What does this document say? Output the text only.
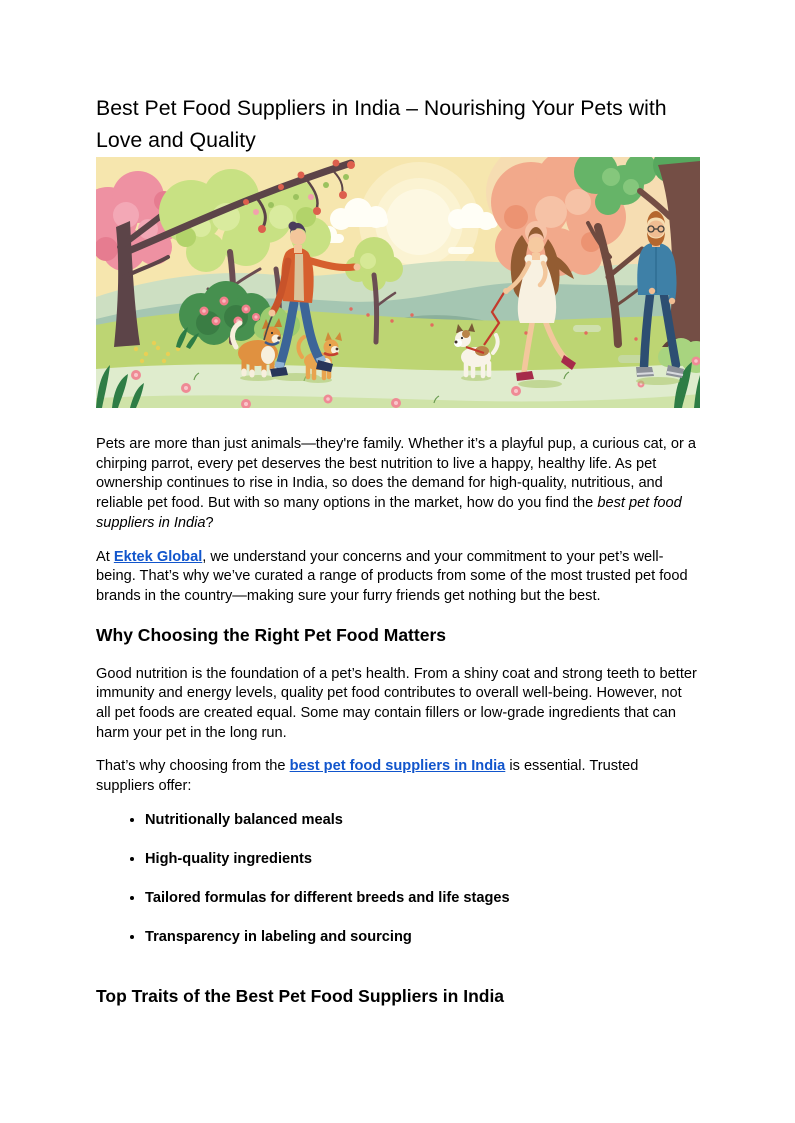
Best Pet Food Suppliers in India – Nourishing Your Pets with Love and Quality

Pets are more than just animals—they're family. Whether it’s a playful pup, a curious cat, or a chirping parrot, every pet deserves the best nutrition to live a happy, healthy life. As pet ownership continues to rise in India, so does the demand for high-quality, nutritious, and reliable pet food. But with so many options in the market, how do you find the best pet food suppliers in India?

At Ektek Global, we understand your concerns and your commitment to your pet’s well-being. That’s why we’ve curated a range of products from some of the most trusted pet food brands in the country—making sure your furry friends get nothing but the best.

Why Choosing the Right Pet Food Matters

Good nutrition is the foundation of a pet’s health. From a shiny coat and strong teeth to better immunity and energy levels, quality pet food contributes to overall well-being. However, not all pet foods are created equal. Some may contain fillers or low-grade ingredients that can harm your pet in the long run.

That’s why choosing from the best pet food suppliers in India is essential. Trusted suppliers offer:

• Nutritionally balanced meals
• High-quality ingredients
• Tailored formulas for different breeds and life stages
• Transparency in labeling and sourcing
Top Traits of the Best Pet Food Suppliers in India
